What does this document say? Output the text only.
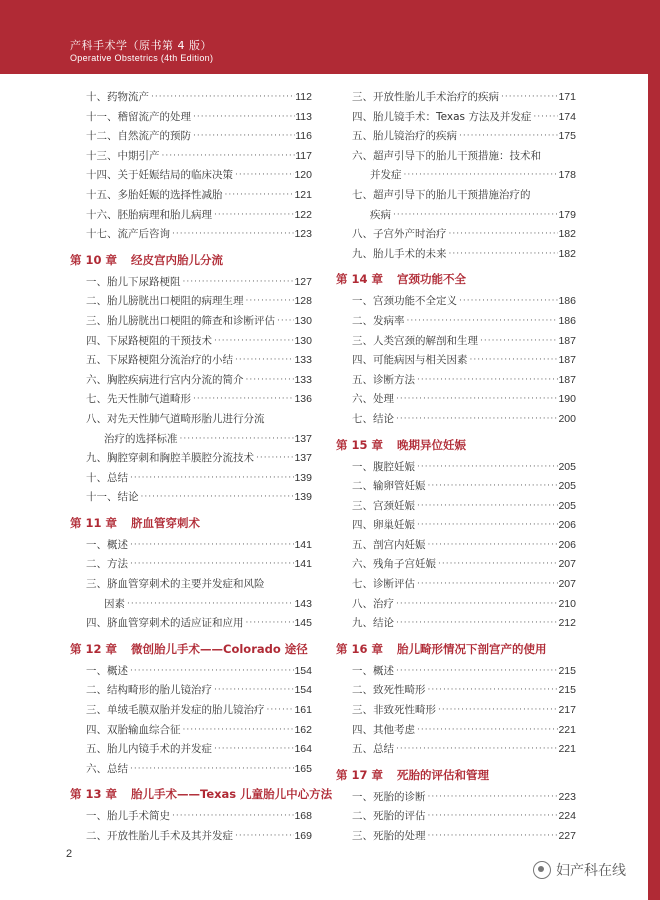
产科手术学（原书第 4 版）
Operative Obstetrics (4th Edition)
十、药物流产 ·····	112
十一、稽留流产的处理 ·····	113
十二、自然流产的预防 ·····	116
十三、中期引产 ·····	117
十四、关于妊娠结局的临床决策 ·····	120
十五、多胎妊娠的选择性减胎 ·····	121
十六、胚胎病理和胎儿病理 ·····	122
十七、流产后咨询 ·····	123
第 10 章 经皮宫内胎儿分流
一、胎儿下尿路梗阻 ·····	127
二、胎儿膀胱出口梗阻的病理生理 ·····	128
三、胎儿膀胱出口梗阻的筛查和诊断评估 ····· 130
四、下尿路梗阻的干预技术 ·····	130
五、下尿路梗阻分流治疗的小结 ·····	133
六、胸腔疾病进行宫内分流的简介 ·····	133
七、先天性肺气道畸形 ·····	136
八、对先天性肺气道畸形胎儿进行分流
治疗的选择标准 ·····	137
九、胸腔穿刺和胸腔羊膜腔分流技术 ·····	137
十、总结 ·····	139
十一、结论 ·····	139
第 11 章 脐血管穿刺术
一、概述 ·····	141
二、方法 ·····	141
三、脐血管穿刺术的主要并发症和风险
因素 ·····	143
四、脐血管穿刺术的适应证和应用 ·····	145
第 12 章 微创胎儿手术——Colorado 途径
一、概述 ·····	154
二、结构畸形的胎儿镜治疗 ·····	154
三、单绒毛膜双胎并发症的胎儿镜治疗 ·····	161
四、双胎输血综合征 ·····	162
五、胎儿内镜手术的并发症 ·····	164
六、总结 ·····	165
第 13 章 胎儿手术——Texas 儿童胎儿中心方法
一、胎儿手术简史 ·····	168
二、开放性胎儿手术及其并发症 ·····	169
三、开放性胎儿手术治疗的疾病 ·····	171
四、胎儿镜手术：Texas 方法及并发症 ·····	174
五、胎儿镜治疗的疾病 ·····	175
六、超声引导下的胎儿干预措施：技术和
并发症 ·····	178
七、超声引导下的胎儿干预措施治疗的
疾病 ·····	179
八、子宫外产时治疗 ·····	182
九、胎儿手术的未来 ·····	182
第 14 章 宫颈功能不全
一、宫颈功能不全定义 ·····	186
二、发病率 ·····	186
三、人类宫颈的解剖和生理 ·····	187
四、可能病因与相关因素 ·····	187
五、诊断方法 ·····	187
六、处理 ·····	190
七、结论 ·····	200
第 15 章 晚期异位妊娠
一、腹腔妊娠 ·····	205
二、输卵管妊娠 ·····	205
三、宫颈妊娠 ·····	205
四、卵巢妊娠 ·····	206
五、剖宫内妊娠 ·····	206
六、残角子宫妊娠 ·····	207
七、诊断评估 ·····	207
八、治疗 ·····	210
九、结论 ·····	212
第 16 章 胎儿畸形情况下剖宫产的使用
一、概述 ·····	215
二、致死性畸形 ·····	215
三、非致死性畸形 ·····	217
四、其他考虑 ·····	221
五、总结 ·····	221
第 17 章 死胎的评估和管理
一、死胎的诊断 ·····	223
二、死胎的评估 ·····	224
三、死胎的处理 ·····	227
2
妇产科在线
